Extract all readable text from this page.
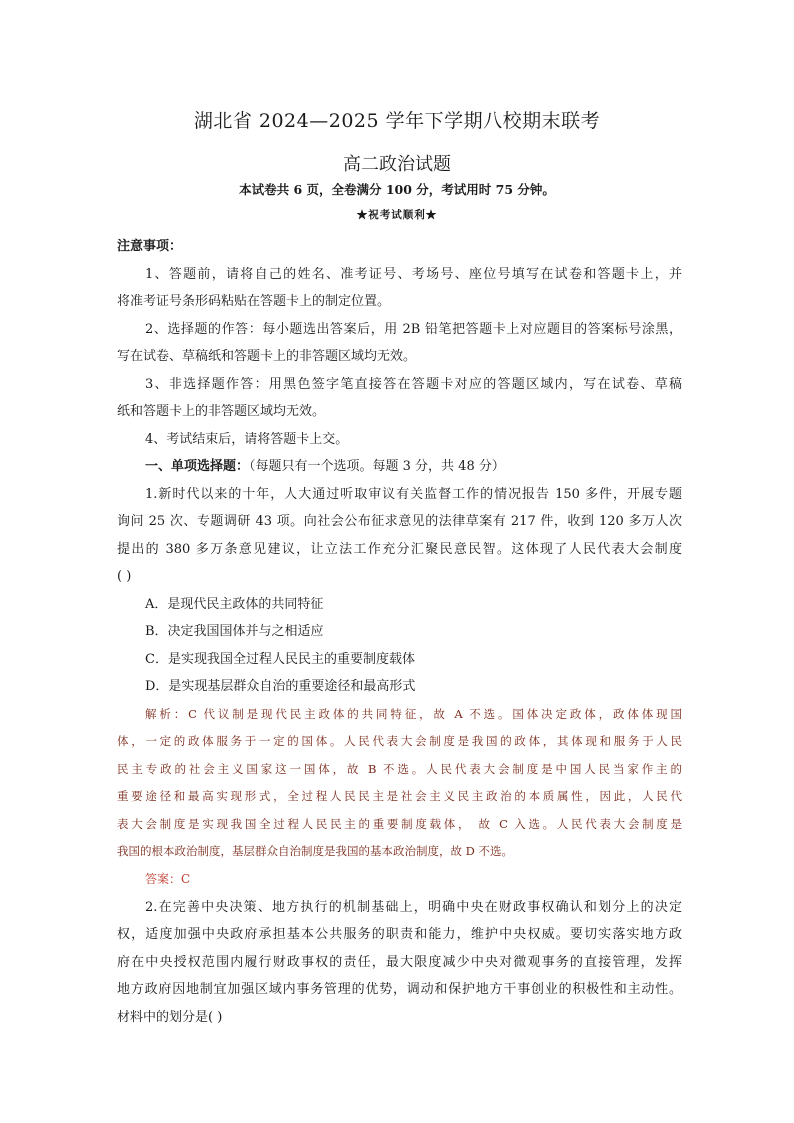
湖北省 2024—2025 学年下学期八校期末联考
高二政治试题
本试卷共 6 页，全卷满分 100 分，考试用时 75 分钟。
★祝考试顺利★
注意事项：
1、答题前，请将自己的姓名、准考证号、考场号、座位号填写在试卷和答题卡上，并
将准考证号条形码粘贴在答题卡上的制定位置。
2、选择题的作答：每小题选出答案后，用 2B 铅笔把答题卡上对应题目的答案标号涂黑，
写在试卷、草稿纸和答题卡上的非答题区域均无效。
3、非选择题作答：用黑色签字笔直接答在答题卡对应的答题区域内，写在试卷、草稿
纸和答题卡上的非答题区域均无效。
4、考试结束后，请将答题卡上交。
一、单项选择题：（每题只有一个选项。每题 3 分，共 48 分）
1.新时代以来的十年，人大通过听取审议有关监督工作的情况报告 150 多件，开展专题
询问 25 次、专题调研 43 项。向社会公布征求意见的法律草案有 217 件，收到 120 多万人次
提出的 380 多万条意见建议，让立法工作充分汇聚民意民智。这体现了人民代表大会制度
( )
A．是现代民主政体的共同特征
B．决定我国国体并与之相适应
C．是实现我国全过程人民民主的重要制度载体
D．是实现基层群众自治的重要途径和最高形式
解析：C 代议制是现代民主政体的共同特征，故 A 不选。国体决定政体，政体体现国
体，一定的政体服务于一定的国体。人民代表大会制度是我国的政体，其体现和服务于人民
民主专政的社会主义国家这一国体，故 B 不选。人民代表大会制度是中国人民当家作主的
重要途径和最高实现形式，全过程人民民主是社会主义民主政治的本质属性，因此，人民代
表大会制度是实现我国全过程人民民主的重要制度载体， 故 C 入选。人民代表大会制度是
我国的根本政治制度，基层群众自治制度是我国的基本政治制度，故 D 不选。
答案：C
2.在完善中央决策、地方执行的机制基础上，明确中央在财政事权确认和划分上的决定
权，适度加强中央政府承担基本公共服务的职责和能力，维护中央权威。要切实落实地方政
府在中央授权范围内履行财政事权的责任，最大限度减少中央对微观事务的直接管理，发挥
地方政府因地制宜加强区域内事务管理的优势，调动和保护地方干事创业的积极性和主动性。
材料中的划分是( )
